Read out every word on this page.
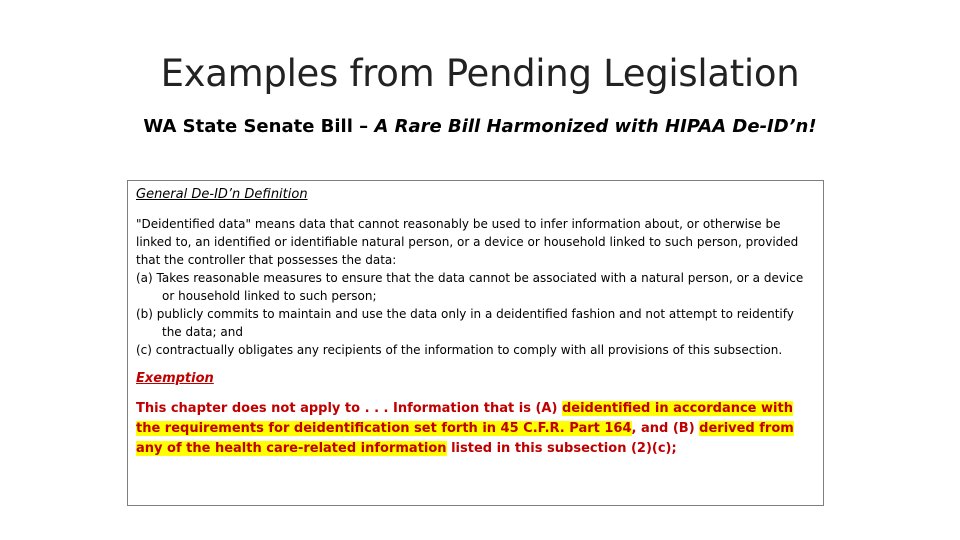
Examples from Pending Legislation
WA State Senate Bill – A Rare Bill Harmonized with HIPAA De-ID’n!
General De-ID’n Definition

"Deidentified data" means data that cannot reasonably be used to infer information about, or otherwise be linked to, an identified or identifiable natural person, or a device or household linked to such person, provided that the controller that possesses the data:

(a) Takes reasonable measures to ensure that the data cannot be associated with a natural person, or a device or household linked to such person;
(b) publicly commits to maintain and use the data only in a deidentified fashion and not attempt to reidentify the data; and
(c) contractually obligates any recipients of the information to comply with all provisions of this subsection.
Exemption

This chapter does not apply to . . . Information that is (A) deidentified in accordance with the requirements for deidentification set forth in 45 C.F.R. Part 164, and (B) derived from any of the health care-related information listed in this subsection (2)(c);
